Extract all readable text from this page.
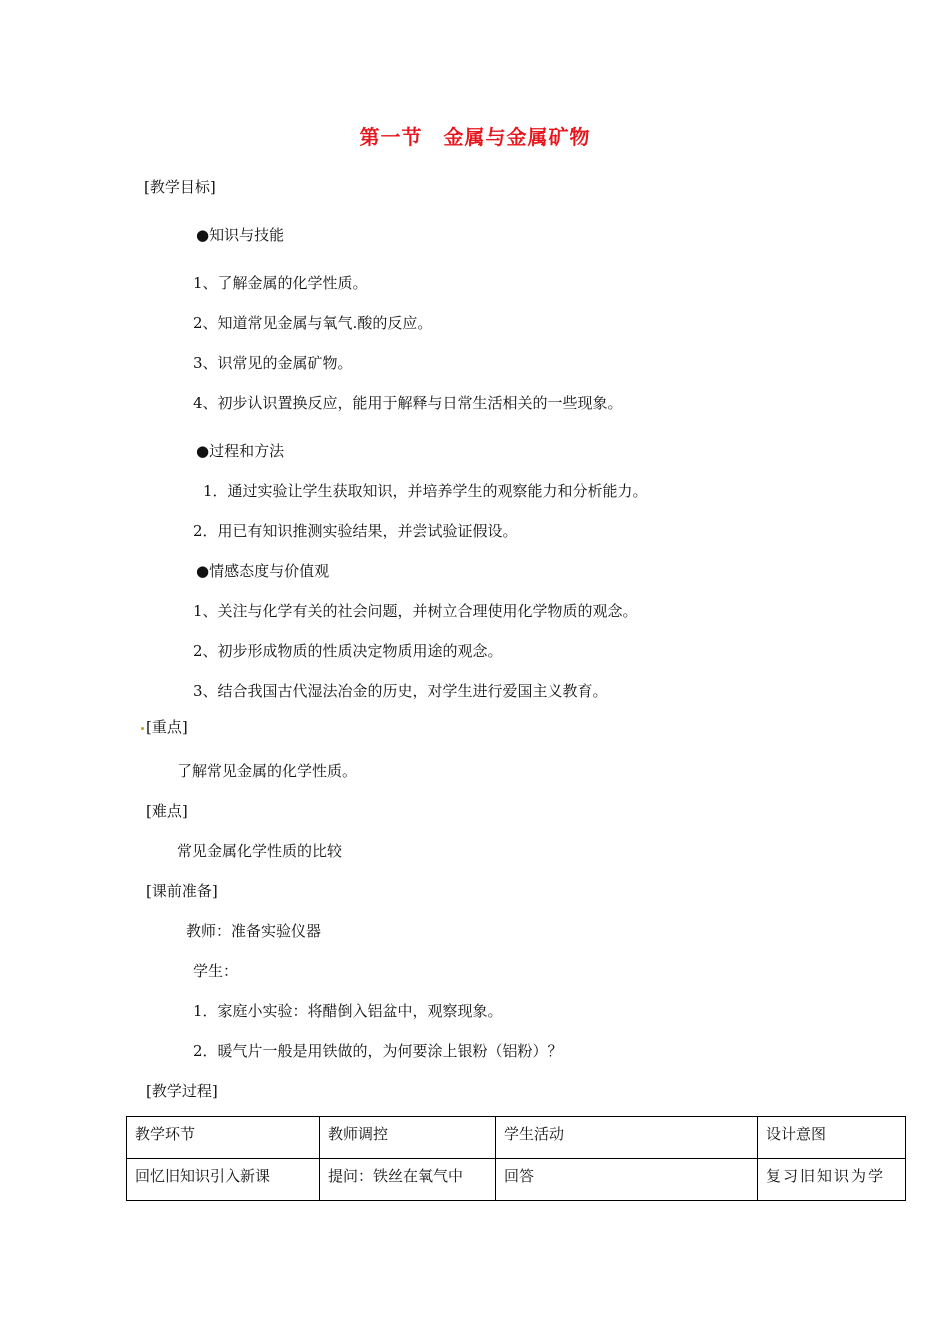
第一节　金属与金属矿物
[教学目标]
●知识与技能
1、了解金属的化学性质。
2、知道常见金属与氧气.酸的反应。
3、识常见的金属矿物。
4、初步认识置换反应，能用于解释与日常生活相关的一些现象。
●过程和方法
1．通过实验让学生获取知识，并培养学生的观察能力和分析能力。
2．用已有知识推测实验结果，并尝试验证假设。
●情感态度与价值观
1、关注与化学有关的社会问题，并树立合理使用化学物质的观念。
2、初步形成物质的性质决定物质用途的观念。
3、结合我国古代湿法冶金的历史，对学生进行爱国主义教育。
[重点]
了解常见金属的化学性质。
[难点]
常见金属化学性质的比较
[课前准备]
教师：准备实验仪器
学生：
1．家庭小实验：将醋倒入铝盆中，观察现象。
2．暖气片一般是用铁做的，为何要涂上银粉（铝粉）？
[教学过程]
教学环节	教师调控	学生活动	设计意图
回忆旧知识引入新课	提问：铁丝在氧气中	回答	复习旧知识为学
